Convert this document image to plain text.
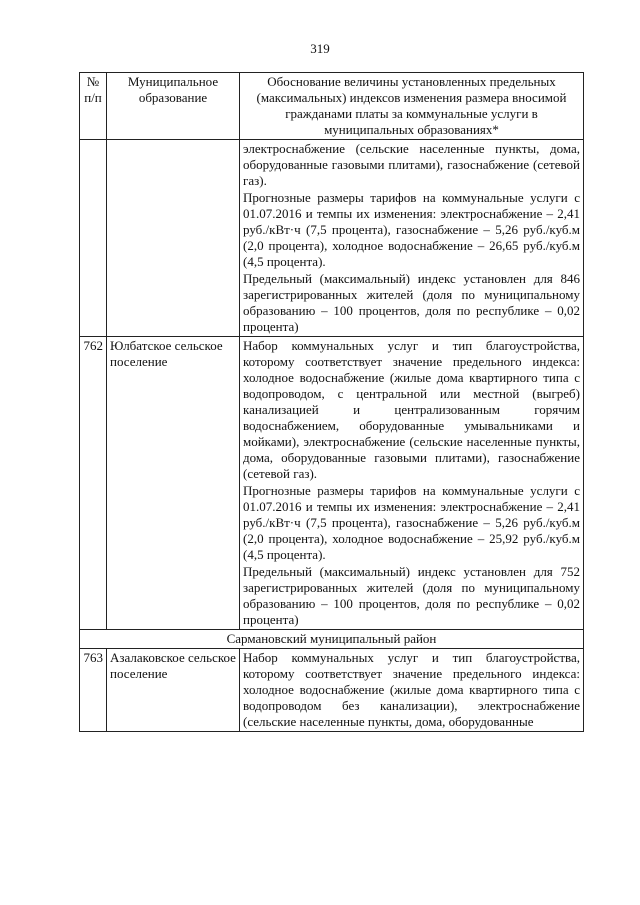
319
№ п/п	Муниципальное образование	Обоснование величины установленных предельных (максимальных) индексов изменения размера вносимой гражданами платы за коммунальные услуги в муниципальных образованиях*

		электроснабжение (сельские населенные пункты, дома, оборудованные газовыми плитами), газоснабжение (сетевой газ).

Прогнозные размеры тарифов на коммунальные услуги с 01.07.2016 и темпы их изменения: электроснабжение – 2,41 руб./кВт·ч (7,5 процента), газоснабжение – 5,26 руб./куб.м (2,0 процента), холодное водоснабжение – 26,65 руб./куб.м (4,5 процента).

Предельный (максимальный) индекс установлен для 846 зарегистрированных жителей (доля по муниципальному образованию – 100 процентов, доля по республике – 0,02 процента)

762	Юлбатское сельское поселение	Набор коммунальных услуг и тип благоустройства, которому соответствует значение предельного индекса: холодное водоснабжение (жилые дома квартирного типа с водопроводом, с центральной или местной (выгреб) канализацией и централизованным горячим водоснабжением, оборудованные умывальниками и мойками), электроснабжение (сельские населенные пункты, дома, оборудованные газовыми плитами), газоснабжение (сетевой газ).

Прогнозные размеры тарифов на коммунальные услуги с 01.07.2016 и темпы их изменения: электроснабжение – 2,41 руб./кВт·ч (7,5 процента), газоснабжение – 5,26 руб./куб.м (2,0 процента), холодное водоснабжение – 25,92 руб./куб.м (4,5 процента).

Предельный (максимальный) индекс установлен для 752 зарегистрированных жителей (доля по муниципальному образованию – 100 процентов, доля по республике – 0,02 процента)

Сармановский муниципальный район		
763	Азалаковское сельское поселение	Набор коммунальных услуг и тип благоустройства, которому соответствует значение предельного индекса: холодное водоснабжение (жилые дома квартирного типа с водопроводом без канализации), электроснабжение (сельские населенные пункты, дома, оборудованные
